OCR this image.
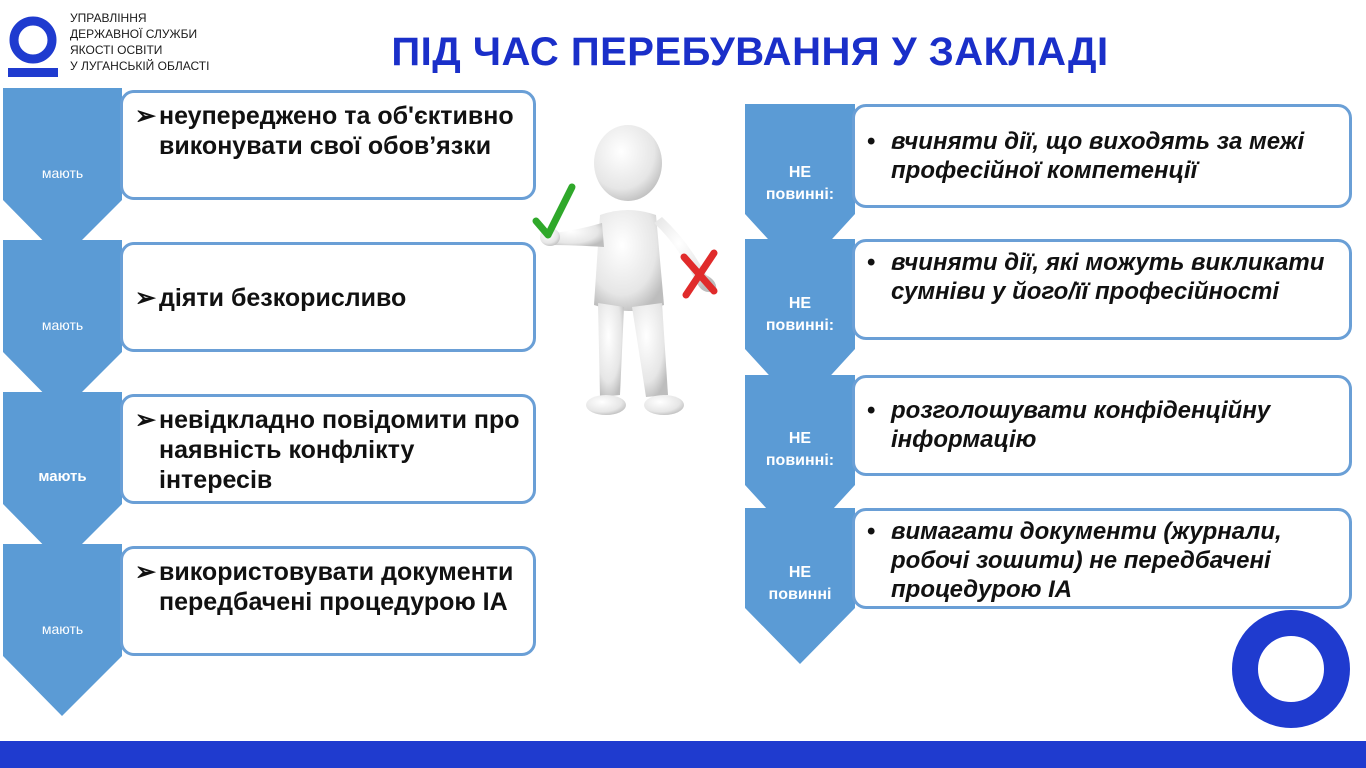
УПРАВЛІННЯ
ДЕРЖАВНОЇ СЛУЖБИ
ЯКОСТІ ОСВІТИ
У ЛУГАНСЬКІЙ ОБЛАСТІ	ПІД ЧАС ПЕРЕБУВАННЯ У ЗАКЛАДІ
мають
➢ неупереджено та об'єктивно виконувати свої обов’язки
мають
➢ діяти безкорисливо
мають
➢ невідкладно повідомити про наявність конфлікту інтересів
мають
➢ використовувати документи передбачені процедурою ІА
НЕ
повинні:
• вчиняти дії, що виходять за межі професійної компетенції
НЕ
повинні:
• вчиняти дії, які можуть викликати сумніви у його/її професійності
НЕ
повинні:
• розголошувати конфіденційну інформацію
НЕ
повинні
• вимагати документи (журнали, робочі зошити) не передбачені процедурою ІА
